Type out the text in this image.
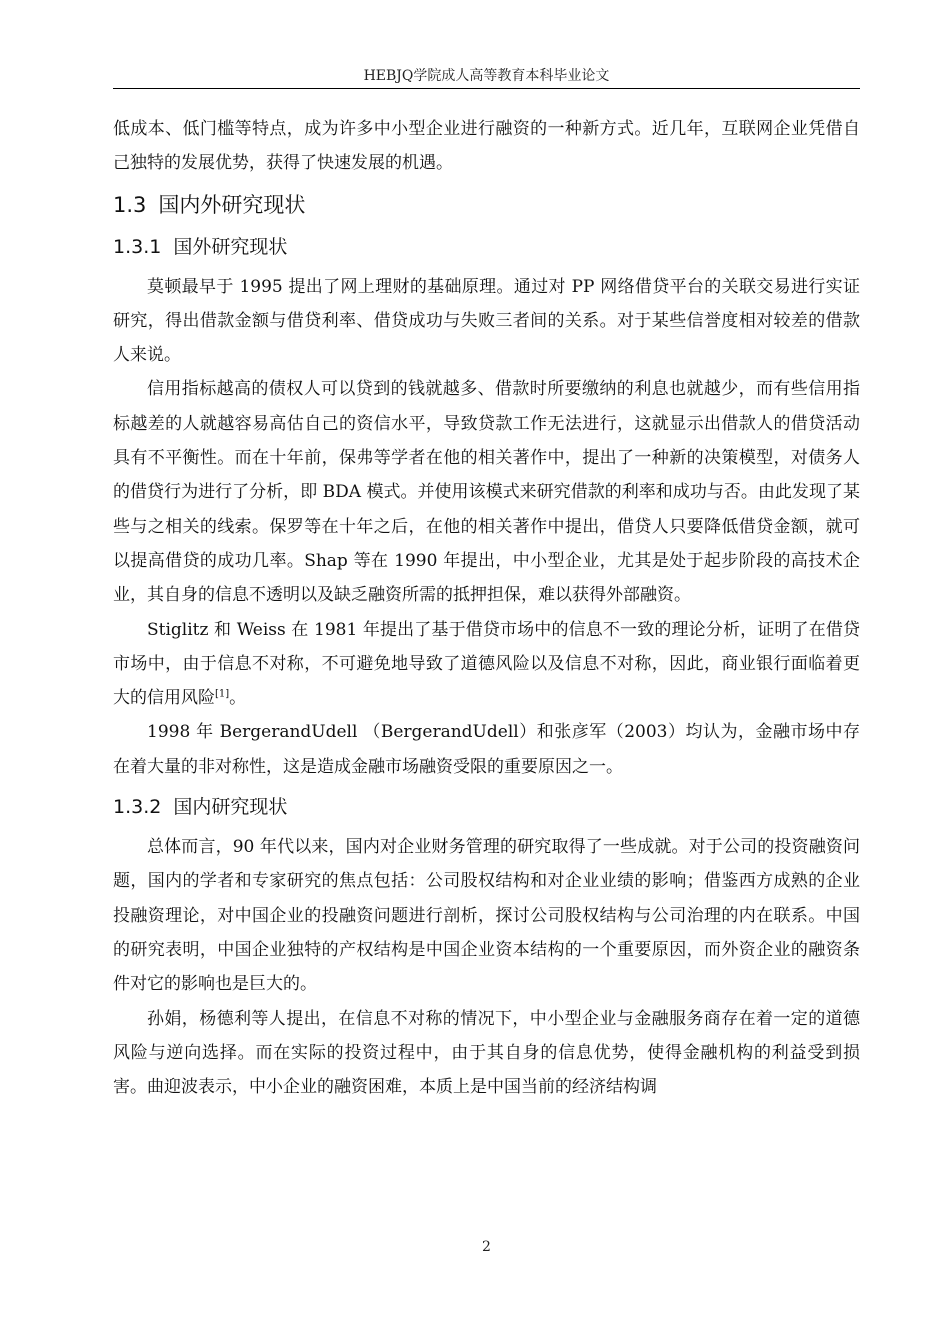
HEBJQ学院成人高等教育本科毕业论文

低成本、低门槛等特点，成为许多中小型企业进行融资的一种新方式。近几年，互联网企业凭借自己独特的发展优势，获得了快速发展的机遇。

1.3 国内外研究现状
1.3.1 国外研究现状

莫顿最早于 1995 提出了网上理财的基础原理。通过对 PP 网络借贷平台的关联交易进行实证研究，得出借款金额与借贷利率、借贷成功与失败三者间的关系。对于某些信誉度相对较差的借款人来说。

信用指标越高的债权人可以贷到的钱就越多、借款时所要缴纳的利息也就越少，而有些信用指标越差的人就越容易高估自己的资信水平，导致贷款工作无法进行，这就显示出借款人的借贷活动具有不平衡性。而在十年前，保弗等学者在他的相关著作中，提出了一种新的决策模型，对债务人的借贷行为进行了分析，即 BDA 模式。并使用该模式来研究借款的利率和成功与否。由此发现了某些与之相关的线索。保罗等在十年之后，在他的相关著作中提出，借贷人只要降低借贷金额，就可以提高借贷的成功几率。Shap 等在 1990 年提出，中小型企业，尤其是处于起步阶段的高技术企业，其自身的信息不透明以及缺乏融资所需的抵押担保，难以获得外部融资。

Stiglitz 和 Weiss 在 1981 年提出了基于借贷市场中的信息不一致的理论分析，证明了在借贷市场中，由于信息不对称，不可避免地导致了道德风险以及信息不对称，因此，商业银行面临着更大的信用风险[1]。

1998 年 BergerandUdell （BergerandUdell）和张彦军（2003）均认为，金融市场中存在着大量的非对称性，这是造成金融市场融资受限的重要原因之一。

1.3.2 国内研究现状

总体而言，90 年代以来，国内对企业财务管理的研究取得了一些成就。对于公司的投资融资问题，国内的学者和专家研究的焦点包括：公司股权结构和对企业业绩的影响；借鉴西方成熟的企业投融资理论，对中国企业的投融资问题进行剖析，探讨公司股权结构与公司治理的内在联系。中国的研究表明，中国企业独特的产权结构是中国企业资本结构的一个重要原因，而外资企业的融资条件对它的影响也是巨大的。

孙娟，杨德利等人提出，在信息不对称的情况下，中小型企业与金融服务商存在着一定的道德风险与逆向选择。而在实际的投资过程中，由于其自身的信息优势，使得金融机构的利益受到损害。曲迎波表示，中小企业的融资困难，本质上是中国当前的经济结构调

2
